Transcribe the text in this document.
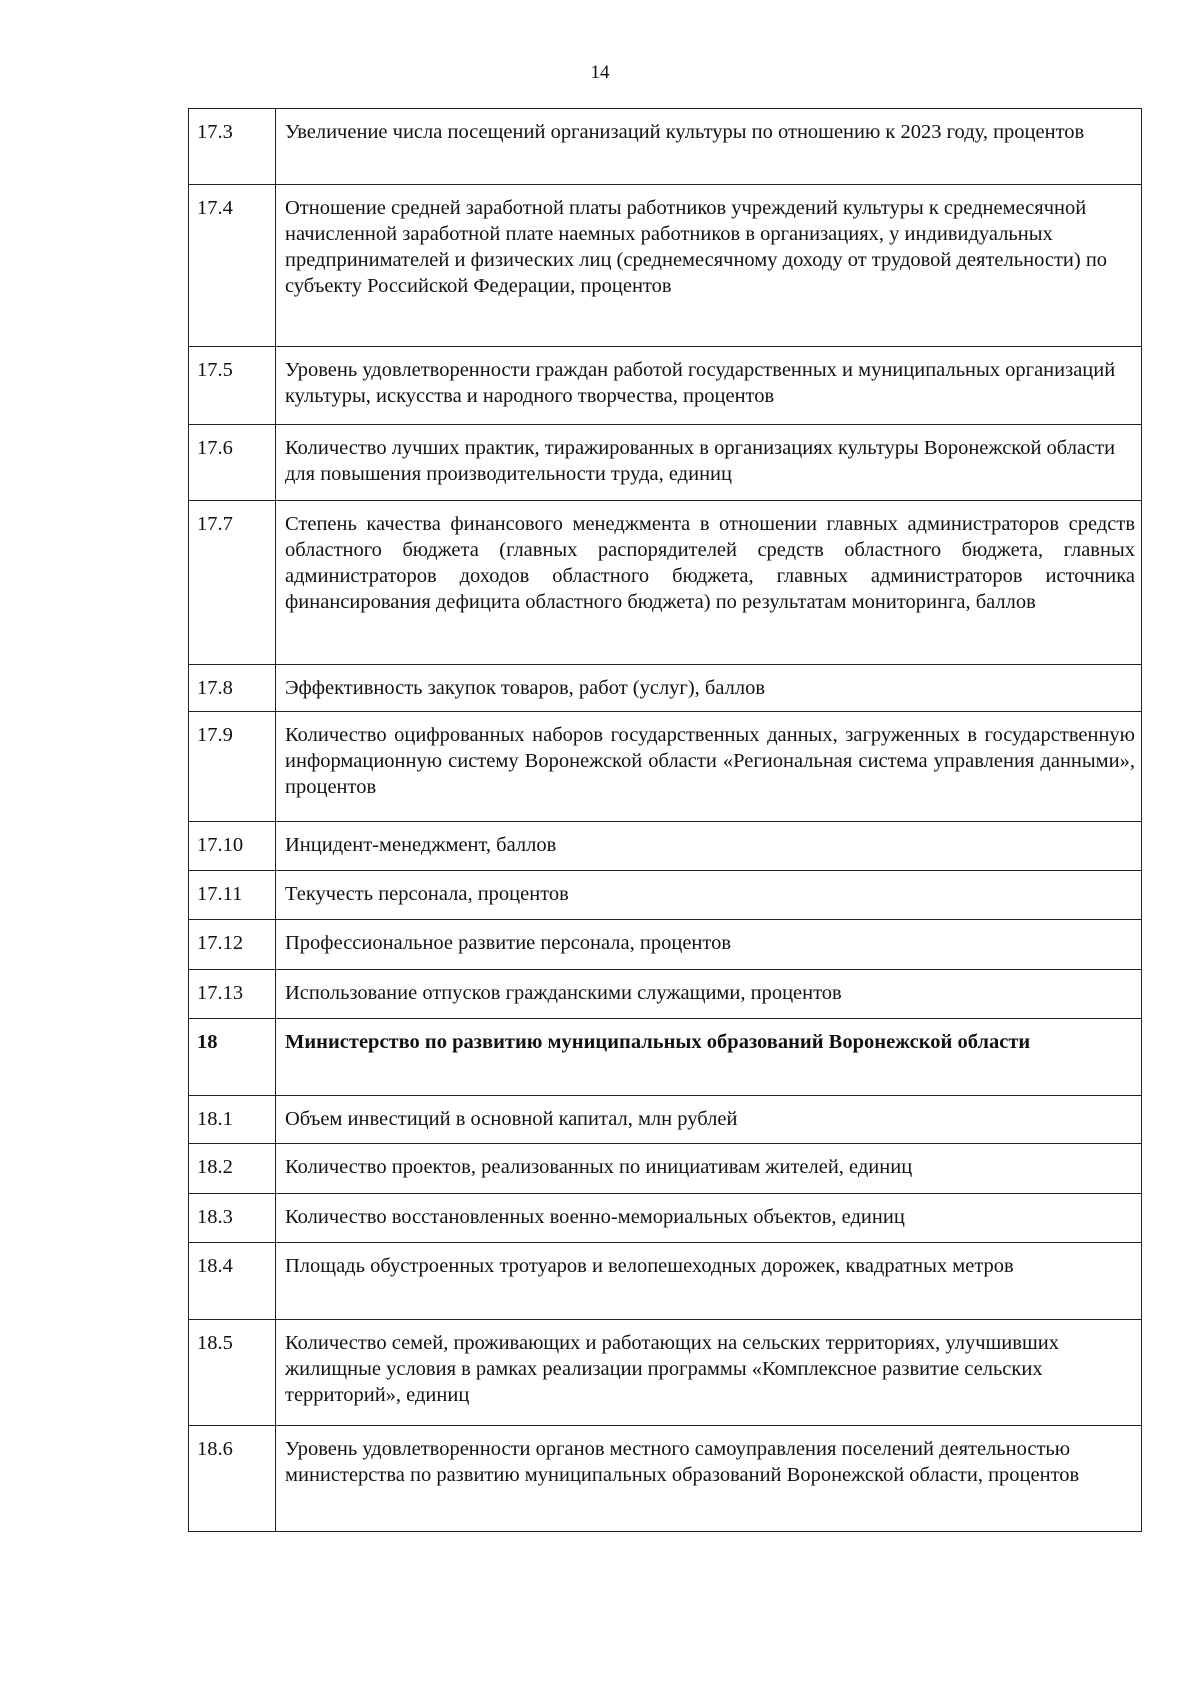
14
17.3	Увеличение числа посещений организаций культуры по отношению к 2023 году, процентов
17.4	Отношение средней заработной платы работников учреждений культуры к среднемесячной начисленной заработной плате наемных работников в организациях, у индивидуальных предпринимателей и физических лиц (среднемесячному доходу от трудовой деятельности) по субъекту Российской Федерации, процентов
17.5	Уровень удовлетворенности граждан работой государственных и муниципальных организаций культуры, искусства и народного творчества, процентов
17.6	Количество лучших практик, тиражированных в организациях культуры Воронежской области для повышения производительности труда, единиц
17.7	Степень качества финансового менеджмента в отношении главных администраторов средств областного бюджета (главных распорядителей средств областного бюджета, главных администраторов доходов областного бюджета, главных администраторов источника финансирования дефицита областного бюджета) по результатам мониторинга, баллов
17.8	Эффективность закупок товаров, работ (услуг), баллов
17.9	Количество оцифрованных наборов государственных данных, загруженных в государственную информационную систему Воронежской области «Региональная система управления данными», процентов
17.10	Инцидент-менеджмент, баллов
17.11	Текучесть персонала, процентов
17.12	Профессиональное развитие персонала, процентов
17.13	Использование отпусков гражданскими служащими, процентов
18	Министерство по развитию муниципальных образований Воронежской области
18.1	Объем инвестиций в основной капитал, млн рублей
18.2	Количество проектов, реализованных по инициативам жителей, единиц
18.3	Количество восстановленных военно-мемориальных объектов, единиц
18.4	Площадь обустроенных тротуаров и велопешеходных дорожек, квадратных метров
18.5	Количество семей, проживающих и работающих на сельских территориях, улучшивших жилищные условия в рамках реализации программы «Комплексное развитие сельских территорий», единиц
18.6	Уровень удовлетворенности органов местного самоуправления поселений деятельностью министерства по развитию муниципальных образований Воронежской области, процентов
